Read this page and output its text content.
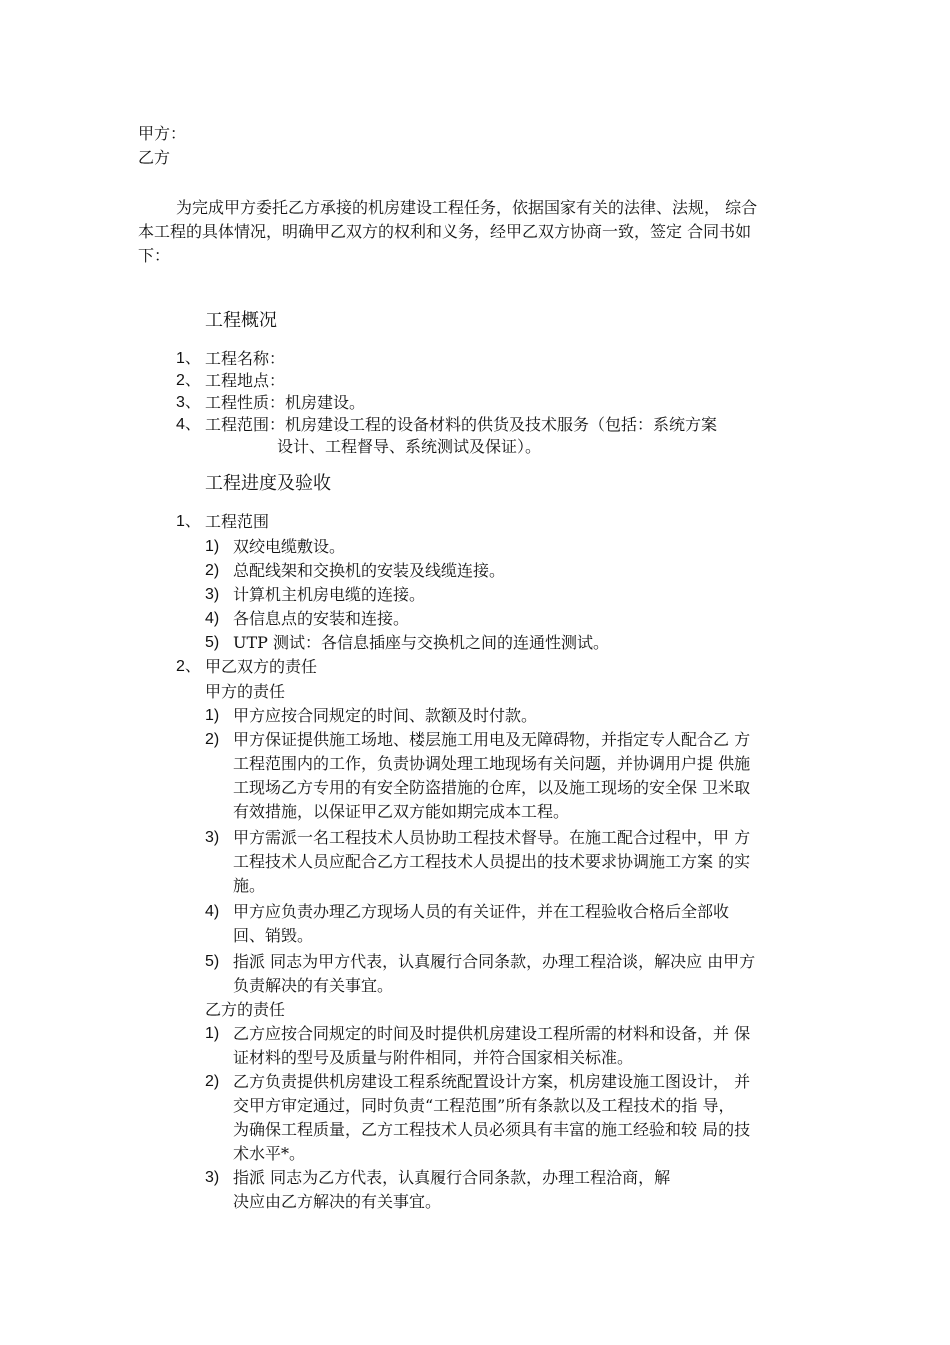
甲方：
乙方
为完成甲方委托乙方承接的机房建设工程任务，依据国家有关的法律、法规， 综合
本工程的具体情况，明确甲乙双方的权利和义务，经甲乙双方协商一致，签定 合同书如
下：
工程概况
1、 工程名称：
2、 工程地点：
3、 工程性质：机房建设。
4、 工程范围：机房建设工程的设备材料的供货及技术服务（包括：系统方案
设计、工程督导、系统测试及保证）。
工程进度及验收
1、 工程范围
1) 双绞电缆敷设。
2) 总配线架和交换机的安装及线缆连接。
3) 计算机主机房电缆的连接。
4) 各信息点的安装和连接。
5) UTP 测试：各信息插座与交换机之间的连通性测试。
2、 甲乙双方的责任
甲方的责任
1) 甲方应按合同规定的时间、款额及时付款。
2) 甲方保证提供施工场地、楼层施工用电及无障碍物，并指定专人配合乙 方
工程范围内的工作，负责协调处理工地现场有关问题，并协调用户提 供施
工现场乙方专用的有安全防盗措施的仓库，以及施工现场的安全保 卫米取
有效措施，以保证甲乙双方能如期完成本工程。
3) 甲方需派一名工程技术人员协助工程技术督导。在施工配合过程中，甲 方
工程技术人员应配合乙方工程技术人员提出的技术要求协调施工方案 的实
施。
4) 甲方应负责办理乙方现场人员的有关证件，并在工程验收合格后全部收
回、销毁。
5) 指派 同志为甲方代表，认真履行合同条款，办理工程洽谈，解决应 由甲方
负责解决的有关事宜。
乙方的责任
1) 乙方应按合同规定的时间及时提供机房建设工程所需的材料和设备，并 保
证材料的型号及质量与附件相同，并符合国家相关标准。
2) 乙方负责提供机房建设工程系统配置设计方案，机房建设施工图设计， 并
交甲方审定通过，同时负责“工程范围”所有条款以及工程技术的指 导，
为确保工程质量，乙方工程技术人员必须具有丰富的施工经验和较 局的技
术水平*。
3) 指派 同志为乙方代表，认真履行合同条款，办理工程洽商，解
决应由乙方解决的有关事宜。
